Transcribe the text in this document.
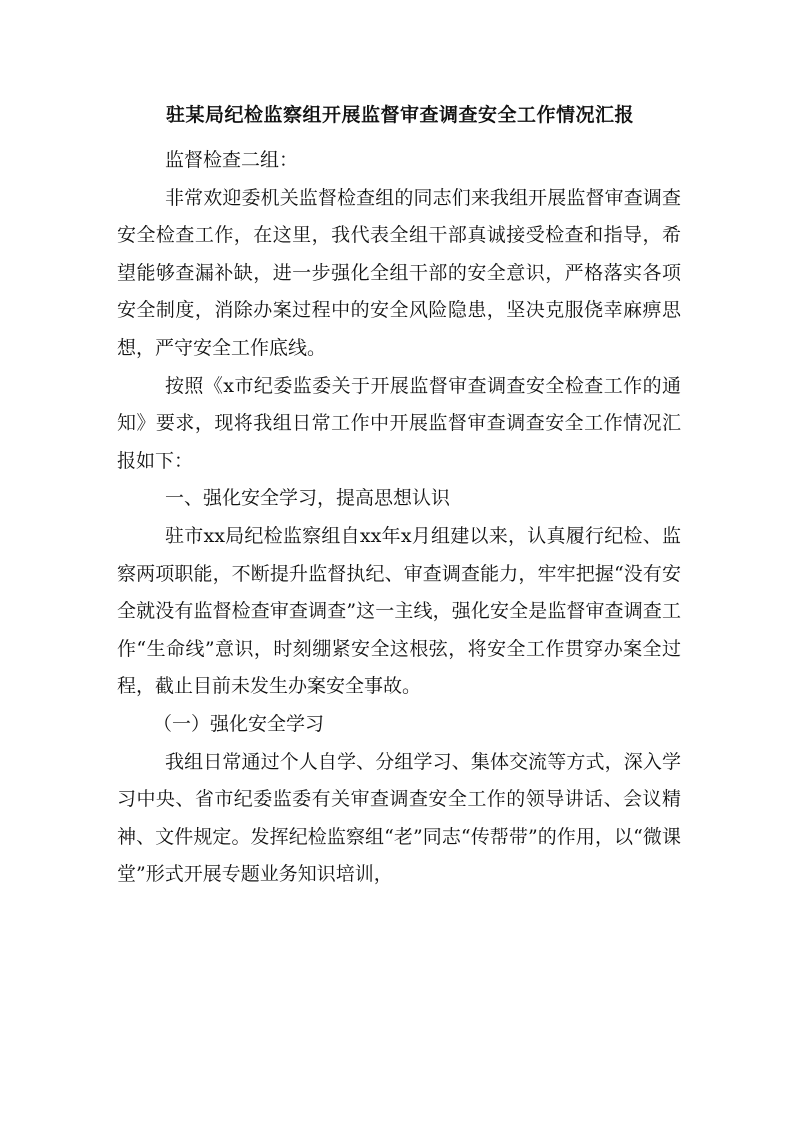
驻某局纪检监察组开展监督审查调查安全工作情况汇报

监督检查二组：

非常欢迎委机关监督检查组的同志们来我组开展监督审查调查安全检查工作，在这里，我代表全组干部真诚接受检查和指导，希望能够查漏补缺，进一步强化全组干部的安全意识，严格落实各项安全制度，消除办案过程中的安全风险隐患，坚决克服侥幸麻痹思想，严守安全工作底线。

按照《x市纪委监委关于开展监督审查调查安全检查工作的通知》要求，现将我组日常工作中开展监督审查调查安全工作情况汇报如下：

一、强化安全学习，提高思想认识

驻市xx局纪检监察组自xx年x月组建以来，认真履行纪检、监察两项职能，不断提升监督执纪、审查调查能力，牢牢把握“没有安全就没有监督检查审查调查”这一主线，强化安全是监督审查调查工作“生命线”意识，时刻绷紧安全这根弦，将安全工作贯穿办案全过程，截止目前未发生办案安全事故。

（一）强化安全学习

我组日常通过个人自学、分组学习、集体交流等方式，深入学习中央、省市纪委监委有关审查调查安全工作的领导讲话、会议精神、文件规定。发挥纪检监察组“老”同志“传帮带”的作用，以“微课堂”形式开展专题业务知识培训，
